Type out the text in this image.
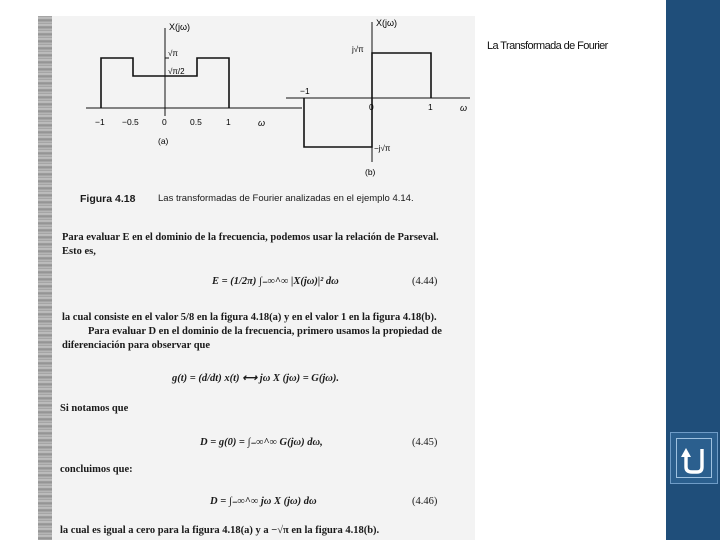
X(jω)
√π
√π/2
−1 −0.5	0	0.5	1	ω
(a)
X(jω)
j√π
−j√π
−1
0	1	ω
(b)
Figura 4.18 Las transformadas de Fourier analizadas en el ejemplo 4.14.
Para evaluar E en el dominio de la frecuencia, podemos usar la relación de Parseval.
Esto es,
E = (1/2π) ∫₋∞^∞ |X(jω)|² dω	(4.44)
la cual consiste en el valor 5/8 en la figura 4.18(a) y en el valor 1 en la figura 4.18(b).
Para evaluar D en el dominio de la frecuencia, primero usamos la propiedad de
diferenciación para observar que
g(t) = (d/dt) x(t) ⟷ jω X (jω) = G(jω).
Si notamos que
D = g(0) = ∫₋∞^∞ G(jω) dω,	(4.45)
concluimos que:
D = ∫₋∞^∞ jω X (jω) dω	(4.46)
la cual es igual a cero para la figura 4.18(a) y a −√π en la figura 4.18(b).
La Transformada de Fourier
